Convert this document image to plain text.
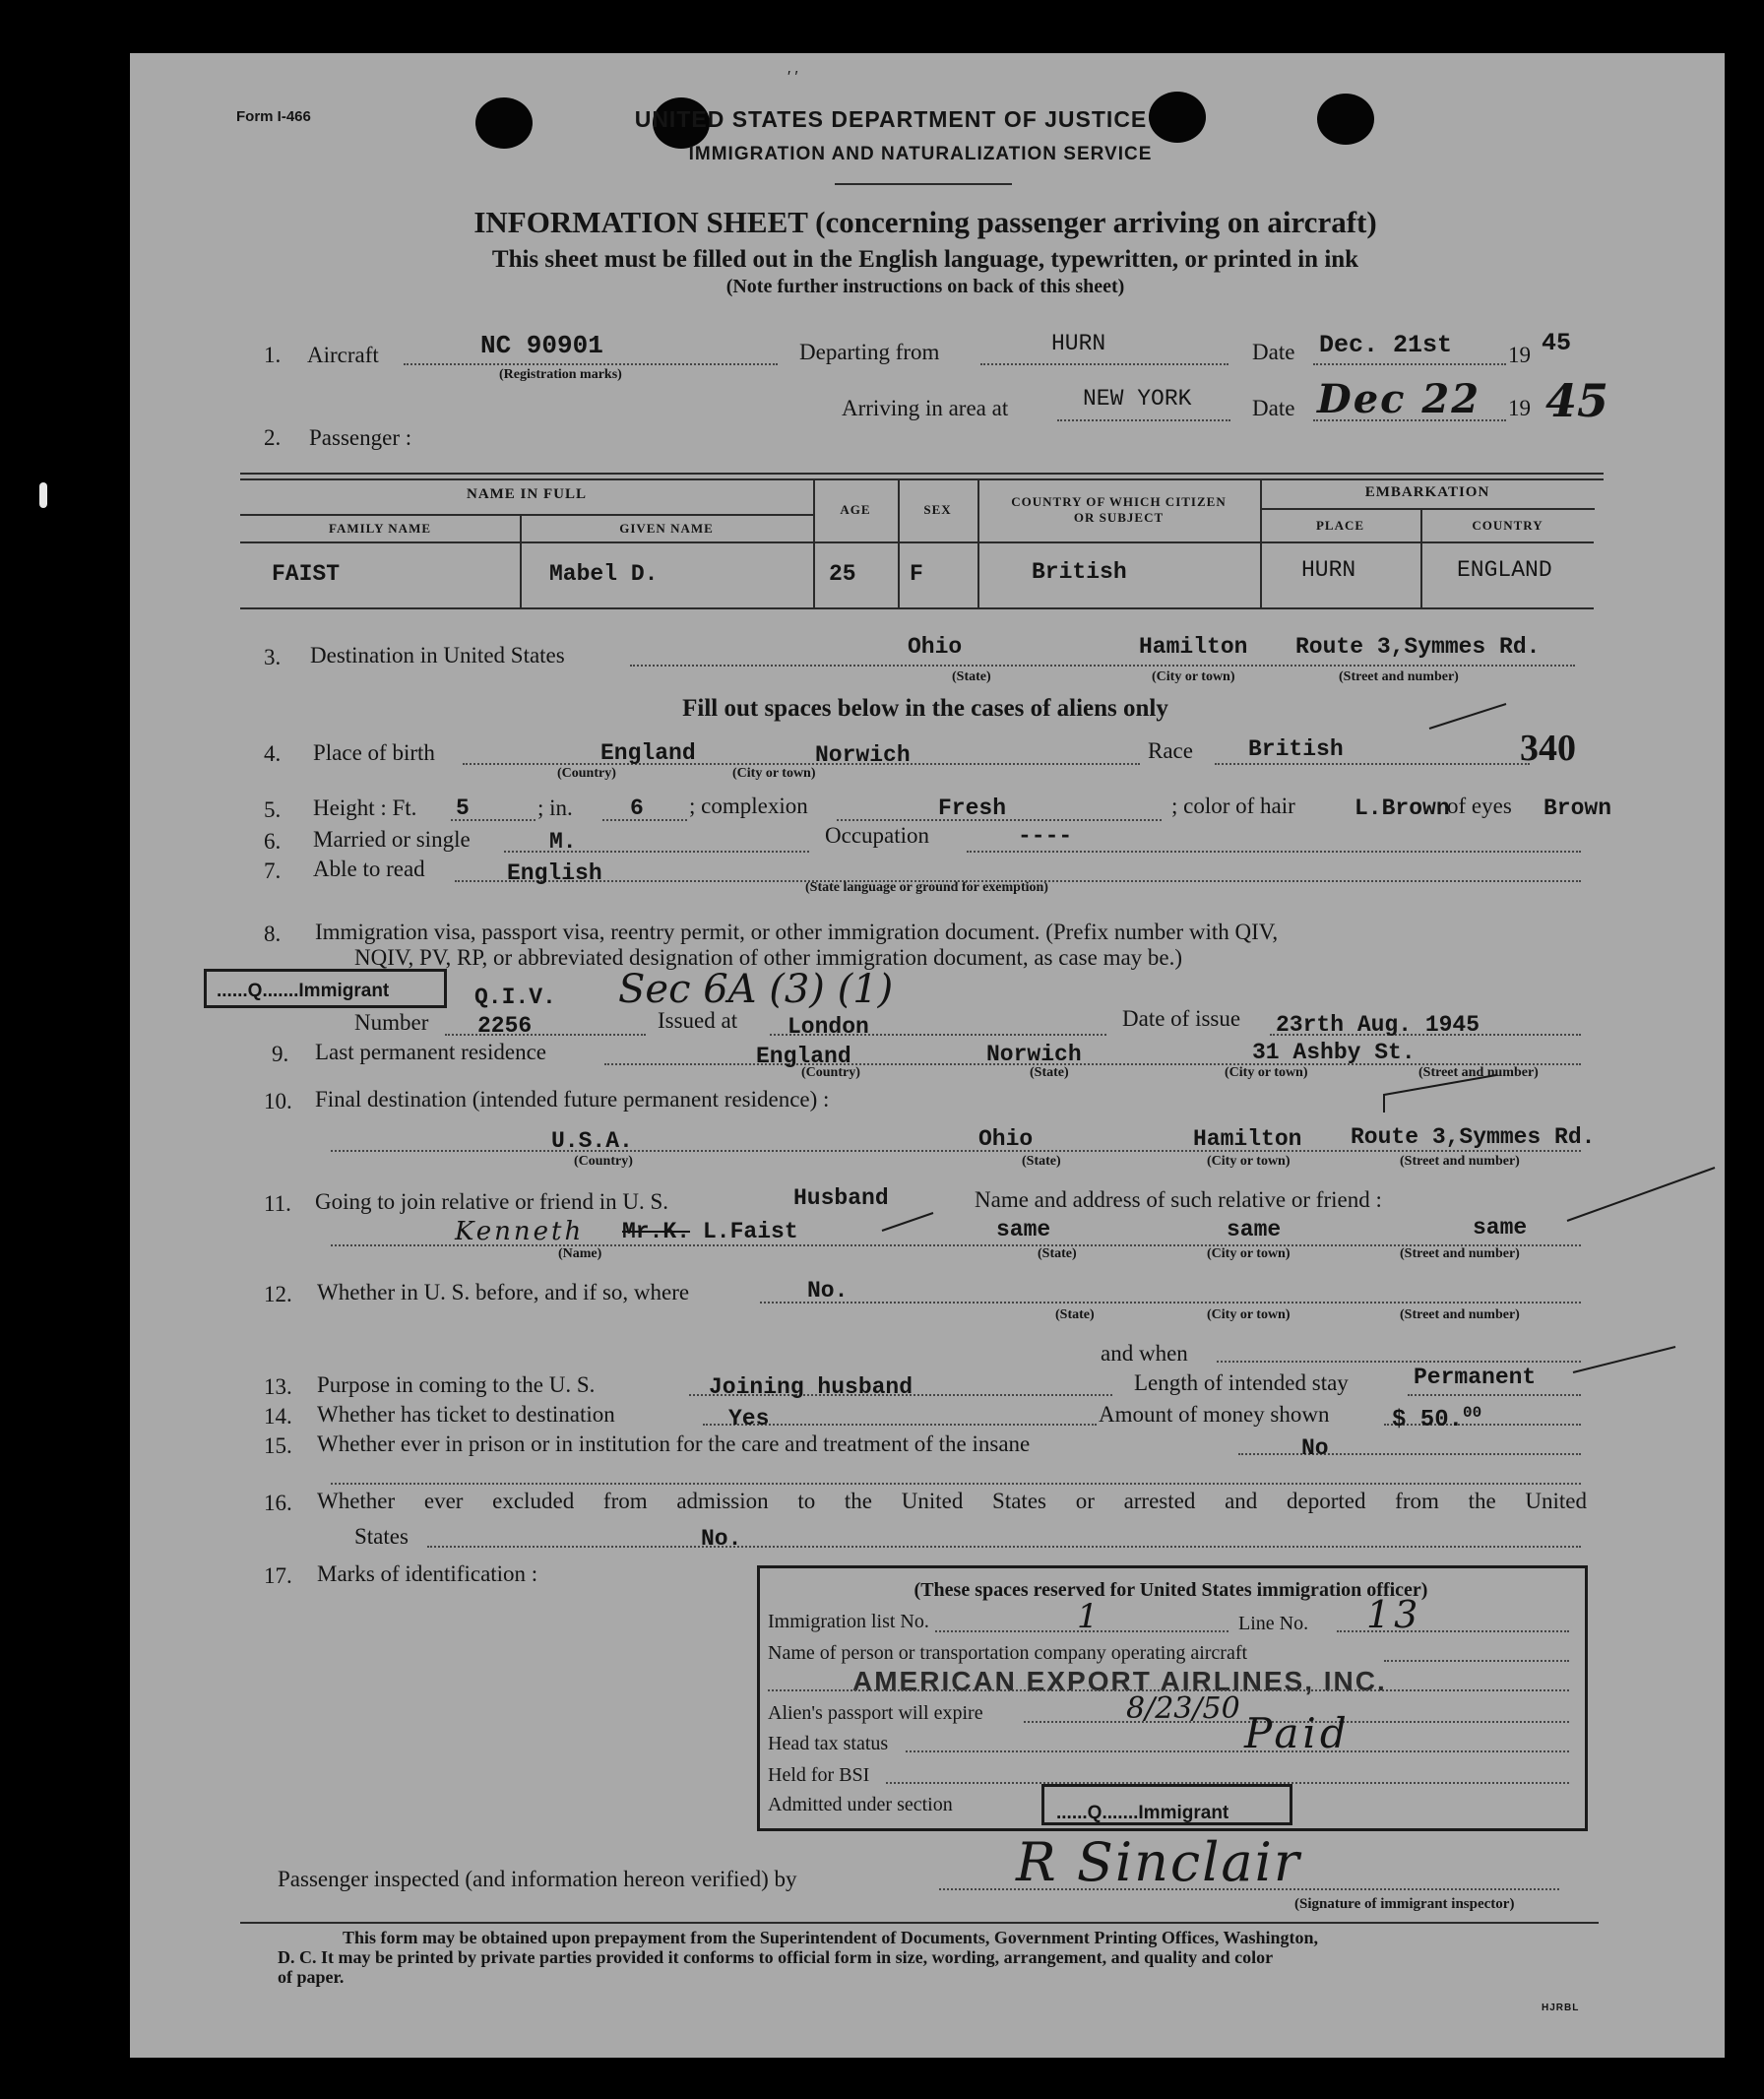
Form I-466
′ ′
UNITED STATES DEPARTMENT OF JUSTICE
IMMIGRATION AND NATURALIZATION SERVICE
INFORMATION SHEET (concerning passenger arriving on aircraft)
This sheet must be filled out in the English language, typewritten, or printed in ink
(Note further instructions on back of this sheet)
1. Aircraft	NC 90901
(Registration marks)
Departing from	HURN	Date Dec. 21st 19 45
Arriving in area at	NEW YORK	Date Dec 22 19 45
2. Passenger :
NAME IN FULL
FAMILY NAME	GIVEN NAME
AGE	SEX
COUNTRY OF WHICH CITIZEN
OR SUBJECT
EMBARKATION
PLACE	COUNTRY
FAIST	Mabel D.	25 F	British	HURN	ENGLAND
3. Destination in United States	Ohio	Hamilton Route 3,Symmes Rd.
(State)	(City or town)	(Street and number)
Fill out spaces below in the cases of aliens only
4. Place of birth	England	Norwich
(Country)	(City or town)
Race British	340
5. Height : Ft. 5	; in.	6 ; complexion	Fresh	; color of hair	L.Brown
of eyes Brown
6. Married or single	M.	Occupation	----
7. Able to read	English
(State language or ground for exemption)
8. Immigration visa, passport visa, reentry permit, or other immigration document. (Prefix number with QIV,
NQIV, PV, RP, or abbreviated designation of other immigration document, as case may be.)
......Q.......Immigrant	Q.I.V. Sec 6A (3) (1)
Number 2256	Issued at London	Date of issue 23rth Aug. 1945
9. Last permanent residence	England	Norwich	31 Ashby St.
(Country)	(State)	(City or town)	(Street and number)
10. Final destination (intended future permanent residence) :
U.S.A.	Ohio	Hamilton Route 3,Symmes Rd.
(Country)	(State)	(City or town)	(Street and number)
11. Going to join relative or friend in U. S.	Husband	Name and address of such relative or friend :
Kenneth Mr.K. L.Faist	same	same	same
(Name)	(State)	(City or town)	(Street and number)
12. Whether in U. S. before, and if so, where	No.
(State)	(City or town)	(Street and number)
and when
13. Purpose in coming to the U. S.	Joining husband	Length of intended stay	Permanent
14. Whether has ticket to destination	Yes	Amount of money shown	$ 50.00
15. Whether ever in prison or in institution for the care and treatment of the insane	No
16. Whether ever excluded from admission to the United States or arrested and deported from the United
States	No.
17. Marks of identification :
(These spaces reserved for United States immigration officer)
Immigration list No.	1	Line No. 13
Name of person or transportation company operating aircraft
AMERICAN EXPORT AIRLINES, INC.
Alien's passport will expire	8/23/50
Head tax status	Paid
Held for BSI
Admitted under section	......Q.......Immigrant
Passenger inspected (and information hereon verified) by	R Sinclair
(Signature of immigrant inspector)
This form may be obtained upon prepayment from the Superintendent of Documents, Government Printing Offices, Washington,
D. C. It may be printed by private parties provided it conforms to official form in size, wording, arrangement, and quality and color
of paper.
HJRBL
